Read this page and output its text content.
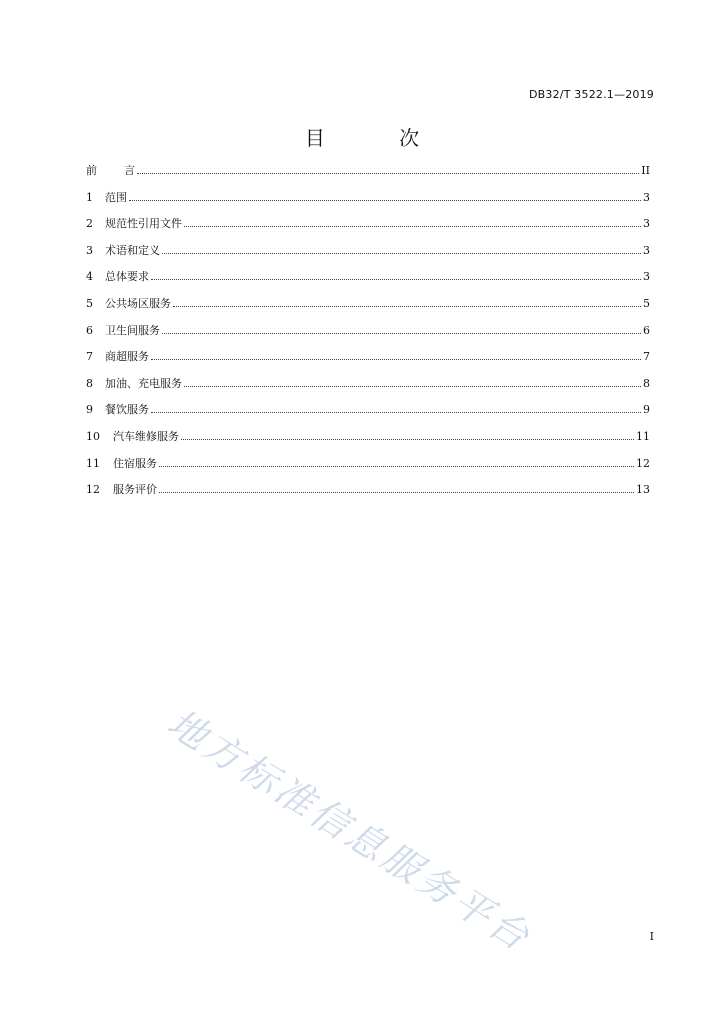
DB32/T 3522.1—2019
目 次
前	言	II
1	范围	3
2	规范性引用文件	3
3	术语和定义	3
4	总体要求	3
5	公共场区服务	5
6	卫生间服务	6
7	商超服务	7
8	加油、充电服务	8
9	餐饮服务	9
10	汽车维修服务	11
11	住宿服务	12
12	服务评价	13
地方标准信息服务平台	I
